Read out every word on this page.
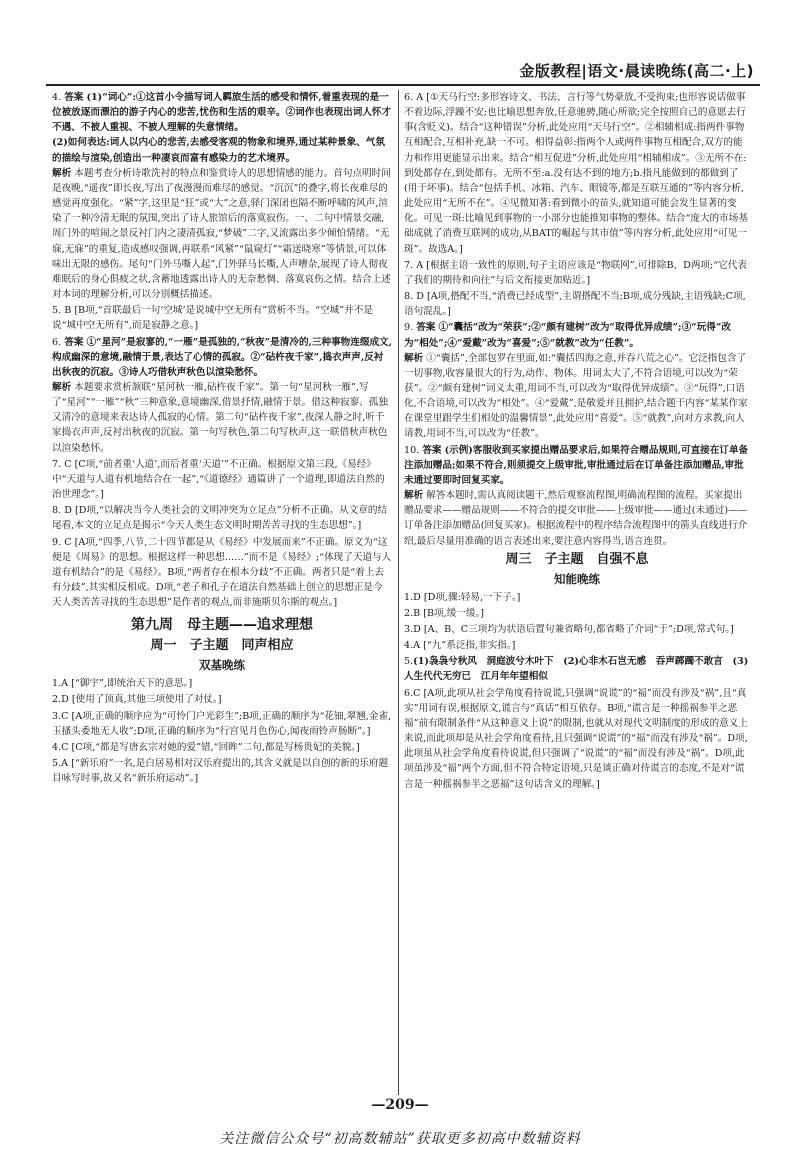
金版教程|语文·晨读晚练(高二·上)
4. 答案 (1)“词心”:①这首小令描写词人羁旅生活的感受和情怀,着重表现的是一位被放逐而漂泊的游子内心的悲苦,忧伤和生活的艰辛。②词作也表现出词人怀才不遇、不被人重视、不被人理解的失意情绪。
(2)如何表达:词人以内心的悲苦,去感受客观的物象和境界,通过某种景象、气氛的描绘与渲染,创造出一种凄哀而富有感染力的艺术境界。
解析 本题考查分析诗歌洗衬的特点和鉴赏诗人的思想情感的能力。首句点明时间是夜晚,“遥夜”即长夜,写出了夜漫漫而难尽的感觉。“沉沉”的叠字,将长夜难尽的感觉再度强化。“紧”字,这里是“狂”或“大”之意,驿门深闭也隔不断呼啸的风声,渲染了一种冷清无眠的氛围,突出了诗人旅馆后的落寞寂伤。一、二句中情景交融,周门外的喧闹之景反衬门内之凄清孤寂,“梦破”二字,又流露出多少倾怕情绪。“无寐,无寐”的重复,造成感叹强调,再联系“风紧”“鼠窥灯”“霜送晓寒”等情景,可以体味出无限的感伤。尾句“门外马嘶人起”,门外驿马长嘶,人声嘈杂,展现了诗人彻夜难眠后的身心俱疲之状,含蓄地透露出诗人的无奈愁惆、落寞哀伤之情。结合上述对本词的理解分析,可以分别概括描述。
5. B [B项,“首联最后一句‘空城’是说城中空无所有”赏析不当。“空城”并不是说“城中空无所有”,而是寂静之意。]
6. 答案 ①“星河”是寂寥的,“一雁”是孤独的,“秋夜”是清冷的,三种事物连缀成文,构成幽深的意境,融情于景,表达了心情的孤寂。②“砧杵夜千家”,捣衣声声,反衬出秋夜的沉寂。③诗人巧借秋声秋色以渲染愁怀。
解析 本题要求赏析颔联“星河秋一雁,砧杵夜千家”。第一句“星河秋一雁”,写了“星河”“一雁”“秋”三种意象,意境幽深,借景抒情,融情于景。借这种寂寥、孤独又清冷的意境来表达诗人孤寂的心情。第二句“砧杵夜千家”,夜深人静之时,听千家捣衣声声,反衬出秋夜的沉寂。第一句写秋色,第二句写秋声,这一联借秋声秋色以渲染愁怀。
7. C [C项,“前者重‘人道’,而后者重‘天道’”不正确。根据原文第三段,《易经》中“天道与人道有机地结合在一起”,“《道德经》通篇讲了一个道理,即道法自然的治世理念”。]
8. D [D项,“以解决当今人类社会的文明冲突为立足点”分析不正确。从文章的结尾看,本文的立足点是揭示“今天人类生态文明时期苦苦寻找的生态思想”。]
9. C [A项,“四季,八节,二十四节都是从《易经》中发展而来”不正确。原文为“这便是《周易》的思想。根据这样一种思想……”而不是《易经》;“体现了天道与人道有机结合”的是《易经》。B项,“两者存在根本分歧”不正确。两者只是“着上去有分歧”,其实相反相成。D项,“老子和孔子在道法自然基础上创立的思想正是今天人类苦苦寻找的生态思想”是作者的观点,而非施斯贝尔斯的观点。]
第九周　母主题——追求理想
周一　子主题　同声相应
双基晚练
1.A [“御宇”,即统治天下的意思。]
2.D [使用了顶真,其他三项使用了对仗。]
3.C [A项,正确的顺序应为“可怜门户光彩生”;B项,正确的顺序为“花钿,翠翘,金雀,玉搔头委地无人收”;D项,正确的顺序为“行宫见月色伤心,闻夜雨铃声肠断”。]
4.C [C项,“都是写唐玄宗对她的爱”错,“回眸”二句,都是写杨贵妃的美貌。]
5.A [“新乐府”一名,是白居易相对汉乐府提出的,其含义就是以自创的新的乐府题目咏写时事,故又名“新乐府运动”。]
6. A [①天马行空:多形容诗文、书法、言行等气势豪放,不受拘束;也形容说话做事不着边际,浮躁不安;也比喻思想奔放,任意驰骋,随心所欲;完全按照自己的意愿去行事(含贬义)。结合“这种错误”分析,此处应用“天马行空”。②相辅相成:指两件事物互相配合,互相补充,缺一不可。相得益彰:指两个人或两件事物互相配合,双方的能力和作用更能显示出来。结合“相互促进”分析,此处应用“相辅相成”。③无所不在:到处都存在,到处都有。无所不至:a.没有达不到的地方;b.指凡能做到的都做到了(用于坏事)。结合“包括手机、冰箱、汽车、眼镜等,都是互联互通的”等内容分析,此处应用“无所不在”。④见微知著:看到微小的苗头,就知道可能会发生显著的变化。可见一斑:比喻见到事物的一小部分也能推知事物的整体。结合“庞大的市场基础成就了消费互联网的成功,从BAT的崛起与其市值”等内容分析,此处应用“可见一斑”。故选A。]
7. A [根据主语一致性的原则,句子主语应该是“物联网”,可排除B、D两项;“它代表了我们的期待和向往”与后文衔接更加贴近。]
8. D [A项,搭配不当,“消费已经成型”,主谓搭配不当;B项,成分残缺,主语残缺;C项,语句混乱。]
9. 答案 ①“囊括”改为“荣获”;②“颇有建树”改为“取得优异成绩”;③“玩得”改为“相处”;④“爱戴”改为“喜爱”;⑤“就教”改为“任教”。
解析 ①“囊括”,全部包罗在里面,如:“囊括四海之意,并吞八荒之心”。它泛指包含了一切事物,收容量很大的行为,动作、物体。用词太大了,不符合语境,可以改为“荣获”。②“颇有建树”词义太重,用词不当,可以改为“取得优异成绩”。③“玩得”,口语化,不合语境,可以改为“相处”。④“爱戴”,是敬爱并且拥护,结合题干内容“某某作家在课堂里跟学生们相处的温馨情景”,此处应用“喜爱”。⑤“就教”,向对方求教,向人请教,用词不当,可以改为“任教”。
10. 答案 (示例)客服收到买家提出赠品要求后,如果符合赠品规则,可直接在订单备注添加赠品;如果不符合,则须提交上级审批,审批通过后在订单备注添加赠品,审批未通过要即时回复买家。
解析 解答本题时,需认真阅读题干,然后观察流程图,明确流程图的流程。买家提出赠品要求——赠品规则——不符合的提交审批——上级审批——通过(未通过)——订单备注添加赠品(回复买家)。根据流程中的程序结合流程图中的箭头直线进行介绍,最后尽量用准确的语言表述出来,要注意内容得当,语言连贯。
周三　子主题　自强不息
知能晚练
1.D [D项,骤:轻易,一下子。]
2.B [B项,缓一缓。]
3.D [A、B、C三项均为状语后置句兼省略句,都省略了介词“于”;D项,常式句。]
4.A [“九”系泛指,非实指。]
5.(1)袅袅兮秋风　洞庭波兮木叶下　(2)心非木石岂无感　吞声踯躅不敢言　(3)人生代代无穷已　江月年年望相似
6.C [A项,此项从社会学角度看待说谎,只强调“说谎”的“福”而没有涉及“祸”,且“真实”用词有误,根据原文,谎言与“真话”相互依存。B项,“谎言是一种摇祸参半之恶福”前有限制条件“从这种意义上说”的限制,也就从对现代文明制度的形成的意义上来说,而此项却是从社会学角度看待,且只强调“说谎”的“福”而没有涉及“祸”。D项,此项虽从社会学角度看待说谎,但只强调了“说谎”的“福”而没有涉及“祸”。D项,此项虽涉及“福”两个方面,但不符合特定语境,只是谈正确对待谎言的态度,不是对“谎言是一种摇祸参半之恶福”这句话含义的理解。]
—209—
关注微信公众号“初高数辅站”获取更多初高中数辅资料
